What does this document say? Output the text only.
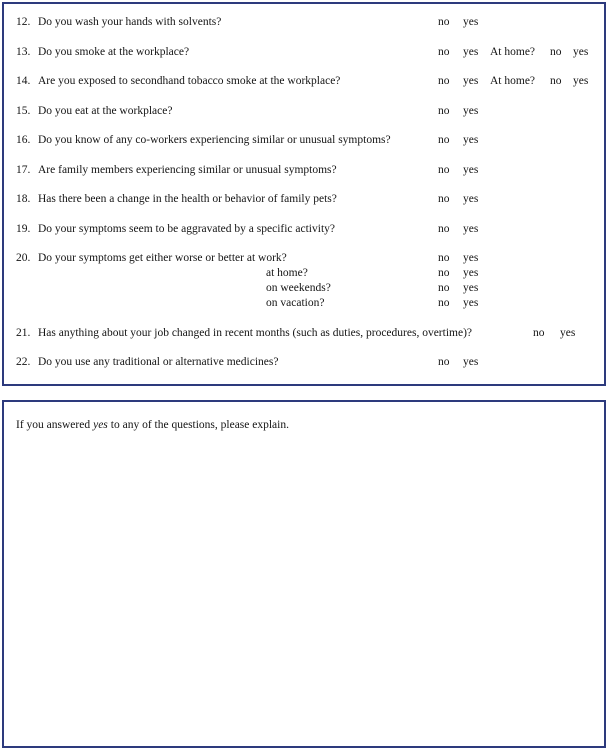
12. Do you wash your hands with solvents?	no yes
13. Do you smoke at the workplace?	no yes At home? no yes
14. Are you exposed to secondhand tobacco smoke at the workplace?	no yes At home? no yes
15. Do you eat at the workplace?	no yes
16. Do you know of any co-workers experiencing similar or unusual symptoms?	no yes
17. Are family members experiencing similar or unusual symptoms?	no yes
18. Has there been a change in the health or behavior of family pets?	no yes
19. Do your symptoms seem to be aggravated by a specific activity?	no yes
20. Do your symptoms get either worse or better at work?	no yes
at home?	no yes
on weekends?	no yes
on vacation?	no yes
21. Has anything about your job changed in recent months (such as duties, procedures, overtime)?	no yes
22. Do you use any traditional or alternative medicines?	no yes
If you answered yes to any of the questions, please explain.
